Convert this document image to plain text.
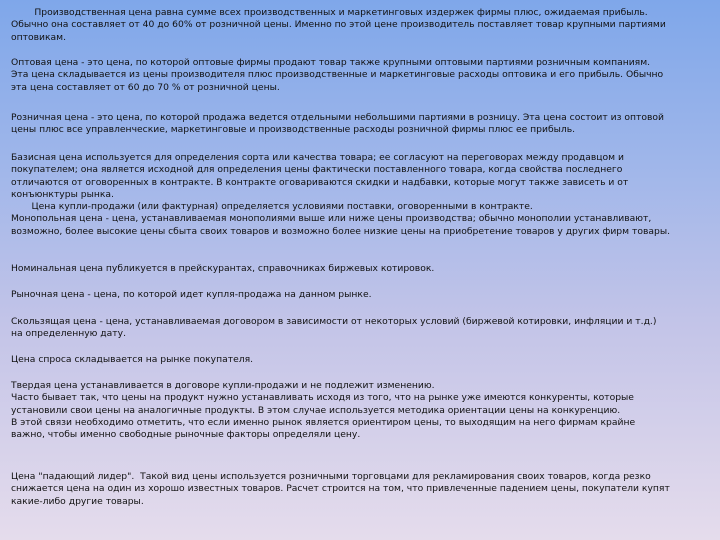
Производственная цена равна сумме всех производственных и маркетинговых издержек фирмы плюс, ожидаемая прибыль.
Обычно она составляет от 40 до 60% от розничной цены. Именно по этой цене производитель поставляет товар крупными партиями
оптовикам.
Оптовая цена - это цена, по которой оптовые фирмы продают товар также крупными оптовыми партиями розничным компаниям.
Эта цена складывается из цены производителя плюс производственные и маркетинговые расходы оптовика и его прибыль. Обычно
эта цена составляет от 60 до 70 % от розничной цены.
Розничная цена - это цена, по которой продажа ведется отдельными небольшими партиями в розницу. Эта цена состоит из оптовой
цены плюс все управленческие, маркетинговые и производственные расходы розничной фирмы плюс ее прибыль.
Базисная цена используется для определения сорта или качества товара; ее согласуют на переговорах между продавцом и
покупателем; она является исходной для определения цены фактически поставленного товара, когда свойства последнего
отличаются от оговоренных в контракте. В контракте оговариваются скидки и надбавки, которые могут также зависеть и от
конъюнктуры рынка.
Цена купли-продажи (или фактурная) определяется условиями поставки, оговоренными в контракте.
Монопольная цена - цена, устанавливаемая монополиями выше или ниже цены производства; обычно монополии устанавливают,
возможно, более высокие цены сбыта своих товаров и возможно более низкие цены на приобретение товаров у других фирм товары.
Номинальная цена публикуется в прейскурантах, справочниках биржевых котировок.
Рыночная цена - цена, по которой идет купля-продажа на данном рынке.
Скользящая цена - цена, устанавливаемая договором в зависимости от некоторых условий (биржевой котировки, инфляции и т.д.)
на определенную дату.
Цена спроса складывается на рынке покупателя.
Твердая цена устанавливается в договоре купли-продажи и не подлежит изменению.
Часто бывает так, что цены на продукт нужно устанавливать исходя из того, что на рынке уже имеются конкуренты, которые
установили свои цены на аналогичные продукты. В этом случае используется методика ориентации цены на конкуренцию.
В этой связи необходимо отметить, что если именно рынок является ориентиром цены, то выходящим на него фирмам крайне
важно, чтобы именно свободные рыночные факторы определяли цену.
Цена "падающий лидер".  Такой вид цены используется розничными торговцами для рекламирования своих товаров, когда резко
снижается цена на один из хорошо известных товаров. Расчет строится на том, что привлеченные падением цены, покупатели купят
какие-либо другие товары.
